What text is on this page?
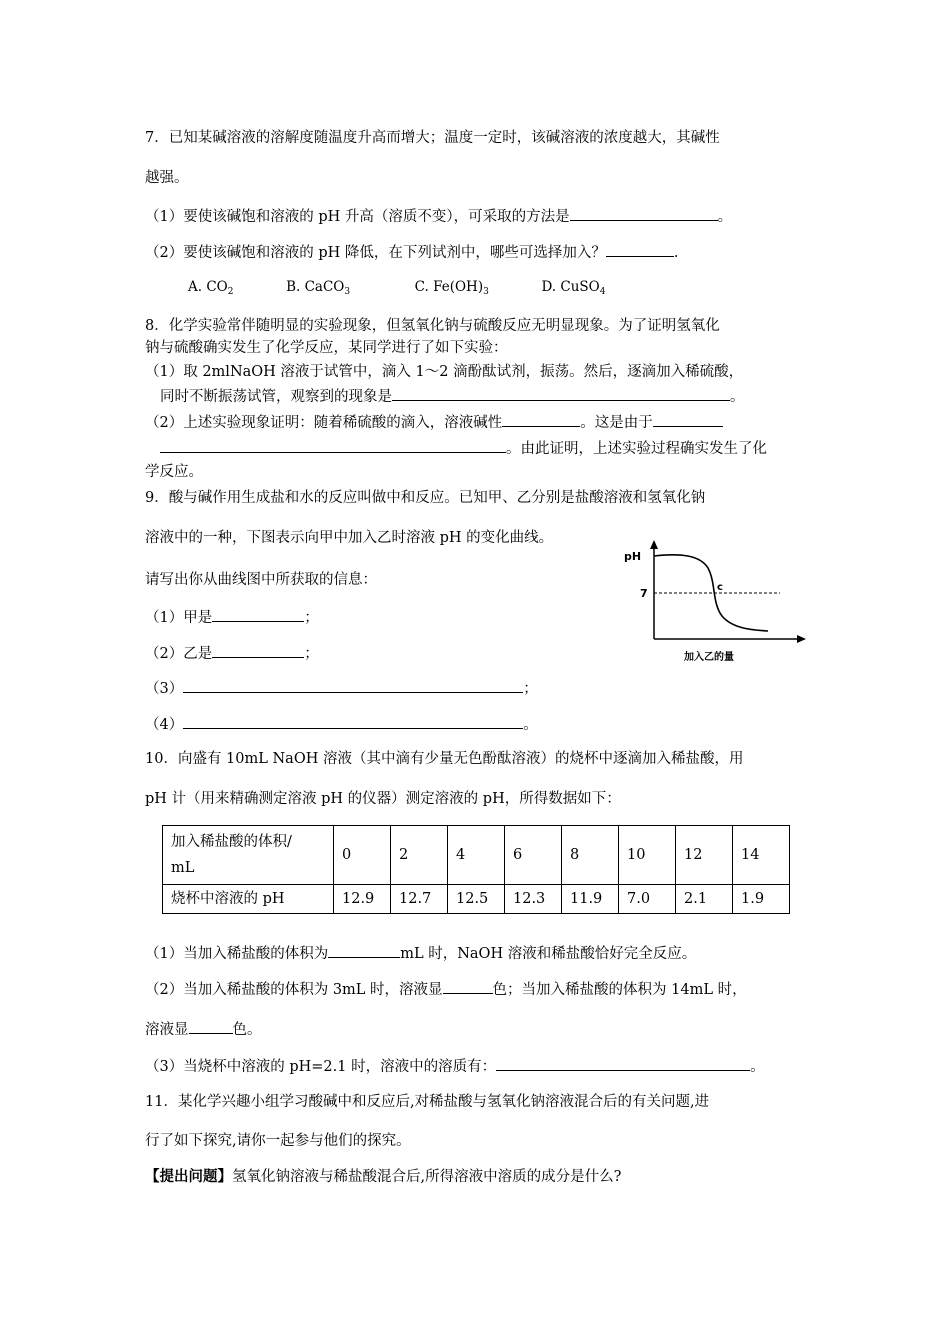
7．已知某碱溶液的溶解度随温度升高而增大；温度一定时，该碱溶液的浓度越大，其碱性
越强。
（1）要使该碱饱和溶液的 pH 升高（溶质不变），可采取的方法是	。
（2）要使该碱饱和溶液的 pH 降低，在下列试剂中，哪些可选择加入？	.
A. $CO_2$	B. CaCO$_3$	C. $Fe(OH)_3$	D. CuSO$_4$
8．化学实验常伴随明显的实验现象，但氢氧化钠与硫酸反应无明显现象。为了证明氢氧化
钠与硫酸确实发生了化学反应，某同学进行了如下实验：
（1）取 2mlNaOH 溶液于试管中，滴入 1～2 滴酚酞试剂，振荡。然后，逐滴加入稀硫酸，
同时不断振荡试管，观察到的现象是	。
（2）上述实验现象证明：随着稀硫酸的滴入，溶液碱性	。这是由于
。由此证明，上述实验过程确实发生了化
学反应。
9．酸与碱作用生成盐和水的反应叫做中和反应。已知甲、乙分别是盐酸溶液和氢氧化钠
溶液中的一种，下图表示向甲中加入乙时溶液 pH 的变化曲线。
请写出你从曲线图中所获取的信息：
（1）甲是	；
（2）乙是	；
（3）	；
（4）	。
pH
7	c
加入乙的量
10．向盛有 10mL NaOH 溶液（其中滴有少量无色酚酞溶液）的烧杯中逐滴加入稀盐酸，用
pH 计（用来精确测定溶液 pH 的仪器）测定溶液的 pH，所得数据如下：
加入稀盐酸的体积/
mL	0	2	4	6	8	10	12	14
烧杯中溶液的 pH	12.9	12.7	12.5	12.3	11.9	7.0	2.1	1.9
（1）当加入稀盐酸的体积为	mL 时，NaOH 溶液和稀盐酸恰好完全反应。
（2）当加入稀盐酸的体积为 3mL 时，溶液显	色；当加入稀盐酸的体积为 14mL 时，
溶液显	色。
（3）当烧杯中溶液的 pH=2.1 时，溶液中的溶质有：	。
11．某化学兴趣小组学习酸碱中和反应后,对稀盐酸与氢氧化钠溶液混合后的有关问题,进
行了如下探究,请你一起参与他们的探究。
【提出问题】氢氧化钠溶液与稀盐酸混合后,所得溶液中溶质的成分是什么?
